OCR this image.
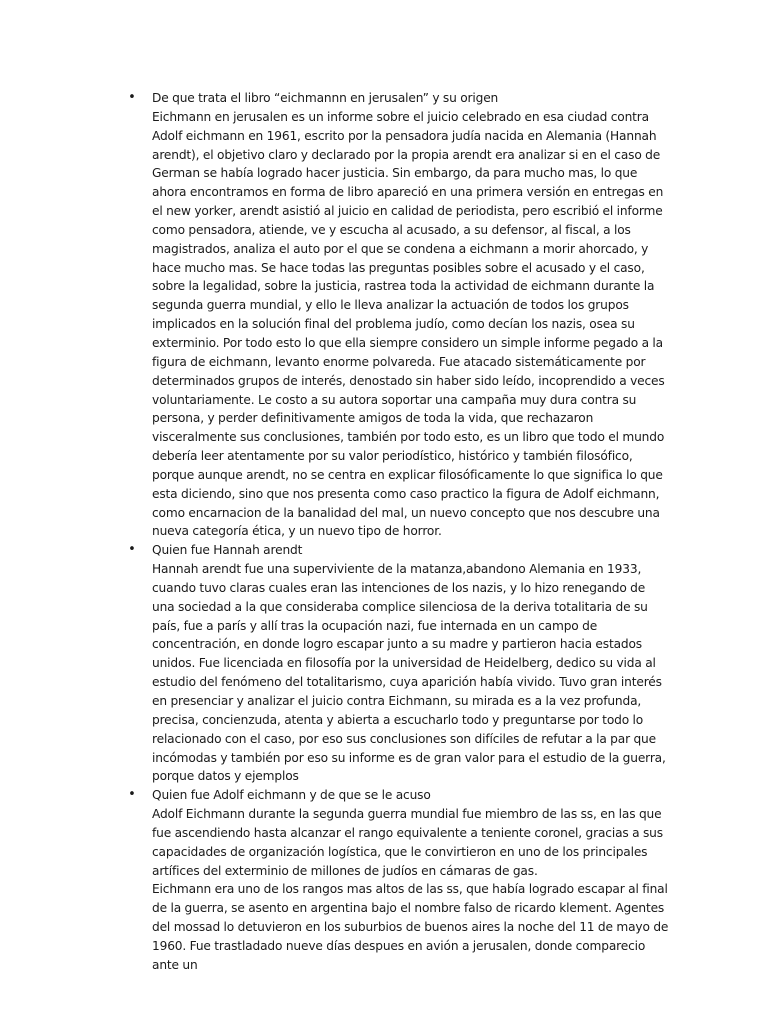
• De que trata el libro “eichmannn en jerusalen” y su origen

Eichmann en jerusalen es un informe sobre el juicio celebrado en esa ciudad contra Adolf eichmann en 1961, escrito por la pensadora judía nacida en Alemania (Hannah arendt), el objetivo claro y declarado por la propia arendt era analizar si en el caso de German se había logrado hacer justicia. Sin embargo, da para mucho mas, lo que ahora encontramos en forma de libro apareció en una primera versión en entregas en el new yorker, arendt asistió al juicio en calidad de periodista, pero escribió el informe como pensadora, atiende, ve y escucha al acusado, a su defensor, al fiscal, a los magistrados, analiza el auto por el que se condena a eichmann a morir ahorcado, y hace mucho mas. Se hace todas las preguntas posibles sobre el acusado y el caso, sobre la legalidad, sobre la justicia, rastrea toda la actividad de eichmann durante la segunda guerra mundial, y ello le lleva analizar la actuación de todos los grupos implicados en la solución final del problema judío, como decían los nazis, osea su exterminio. Por todo esto lo que ella siempre considero un simple informe pegado a la figura de eichmann, levanto enorme polvareda. Fue atacado sistemáticamente por determinados grupos de interés, denostado sin haber sido leído, incoprendido a veces voluntariamente. Le costo a su autora soportar una campaña muy dura contra su persona, y perder definitivamente amigos de toda la vida, que rechazaron visceralmente sus conclusiones, también por todo esto, es un libro que todo el mundo debería leer atentamente por su valor periodístico, histórico y también filosófico, porque aunque arendt, no se centra en explicar filosóficamente lo que significa lo que esta diciendo, sino que nos presenta como caso practico la figura de Adolf eichmann, como encarnacion de la banalidad del mal, un nuevo concepto que nos descubre una nueva categoría ética, y un nuevo tipo de horror.

• Quien fue Hannah arendt

Hannah arendt fue una superviviente de la matanza,abandono Alemania en 1933, cuando tuvo claras cuales eran las intenciones de los nazis, y lo hizo renegando de una sociedad a la que consideraba complice silenciosa de la deriva totalitaria de su país, fue a parís y allí tras la ocupación nazi, fue internada en un campo de concentración, en donde logro escapar junto a su madre y partieron hacia estados unidos. Fue licenciada en filosofía por la universidad de Heidelberg, dedico su vida al estudio del fenómeno del totalitarismo, cuya aparición había vivido. Tuvo gran interés en presenciar y analizar el juicio contra Eichmann, su mirada es a la vez profunda, precisa, concienzuda, atenta y abierta a escucharlo todo y preguntarse por todo lo relacionado con el caso, por eso sus conclusiones son difíciles de refutar a la par que incómodas y también por eso su informe es de gran valor para el estudio de la guerra, porque datos y ejemplos

• Quien fue Adolf eichmann y de que se le acuso

Adolf Eichmann durante la segunda guerra mundial fue miembro de las ss, en las que fue ascendiendo hasta alcanzar el rango equivalente a teniente coronel, gracias a sus capacidades de organización logística, que le convirtieron en uno de los principales artífices del exterminio de millones de judíos en cámaras de gas.

Eichmann era uno de los rangos mas altos de las ss, que había logrado escapar al final de la guerra, se asento en argentina bajo el nombre falso de ricardo klement. Agentes del mossad lo detuvieron en los suburbios de buenos aires la noche del 11 de mayo de 1960. Fue trastladado nueve días despues en avión a jerusalen, donde comparecio ante un
